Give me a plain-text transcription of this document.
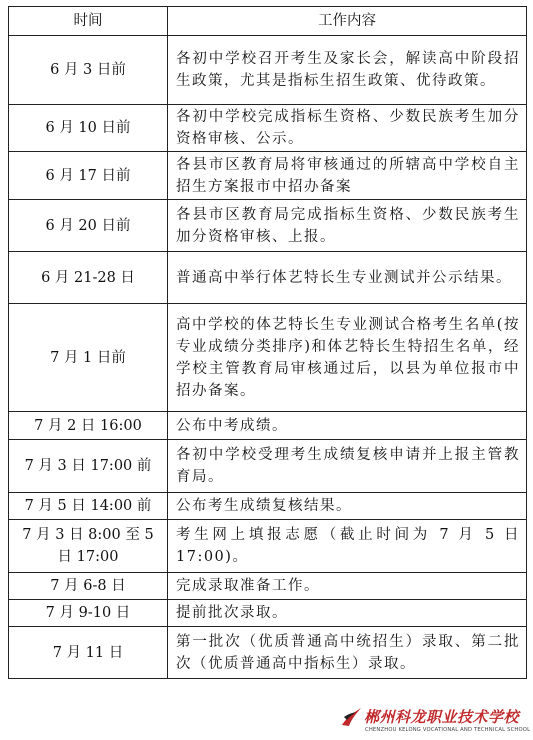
时间	工作内容
6 月 3 日前	各初中学校召开考生及家长会，解读高中阶段招生政策，尤其是指标生招生政策、优待政策。
6 月 10 日前	各初中学校完成指标生资格、少数民族考生加分资格审核、公示。
6 月 17 日前	各县市区教育局将审核通过的所辖高中学校自主招生方案报市中招办备案
6 月 20 日前	各县市区教育局完成指标生资格、少数民族考生加分资格审核、上报。
6 月 21-28 日	普通高中举行体艺特长生专业测试并公示结果。
7 月 1 日前	高中学校的体艺特长生专业测试合格考生名单(按专业成绩分类排序)和体艺特长生特招生名单，经学校主管教育局审核通过后，以县为单位报市中招办备案。
7 月 2 日 16:00	公布中考成绩。
7 月 3 日 17:00 前	各初中学校受理考生成绩复核申请并上报主管教育局。
7 月 5 日 14:00 前	公布考生成绩复核结果。
7 月 3 日 8:00 至 5 日 17:00	考生网上填报志愿（截止时间为 7 月 5 日 17:00)。
7 月 6-8 日	完成录取准备工作。
7 月 9-10 日	提前批次录取。
7 月 11 日	第一批次（优质普通高中统招生）录取、第二批次（优质普通高中指标生）录取。
郴州科龙职业技术学校
CHENZHOU KELONG VOCATIONAL AND TECHNICAL SCHOOL
